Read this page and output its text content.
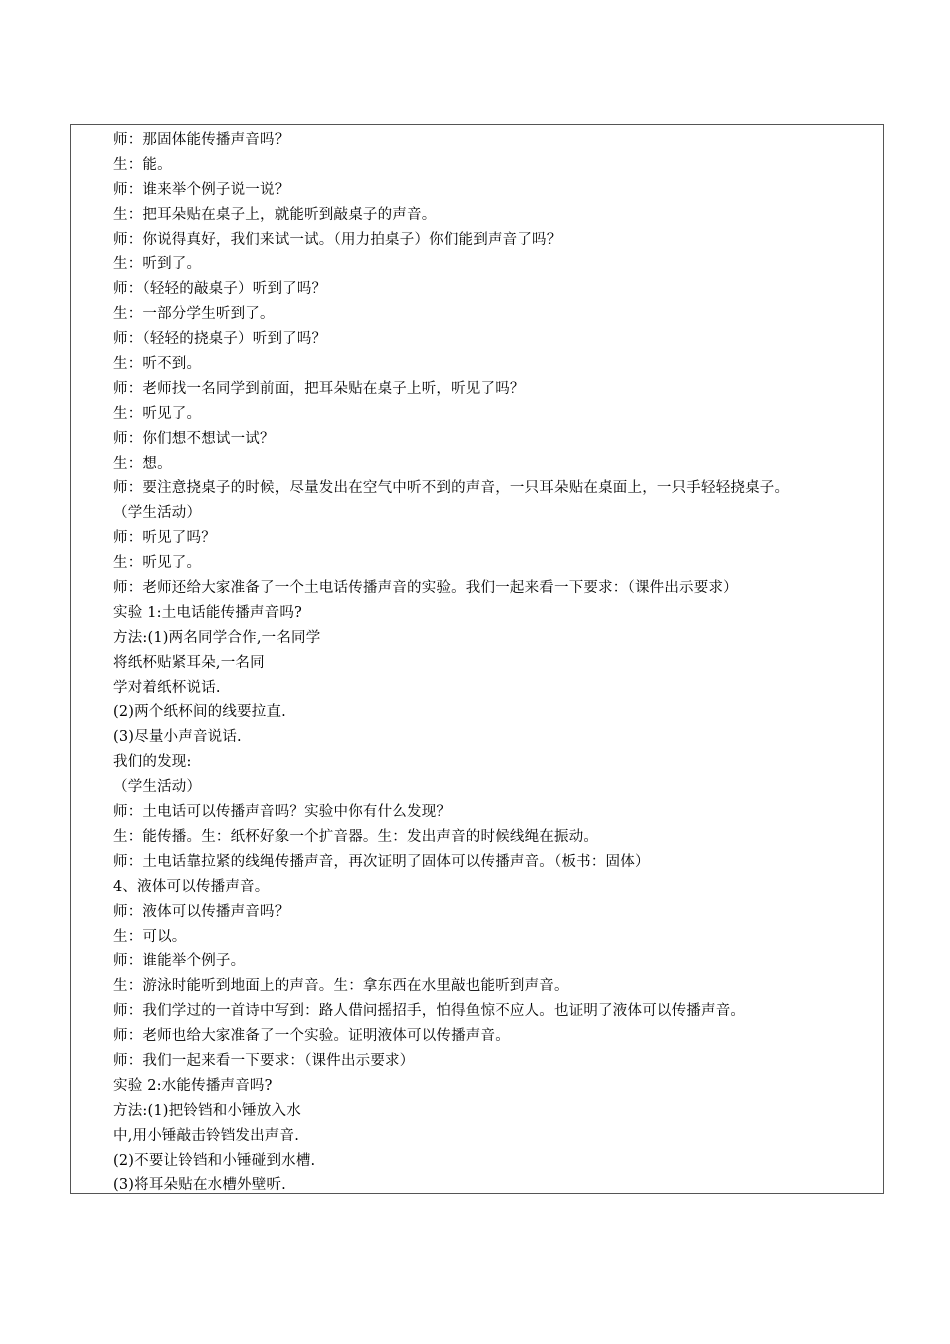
师：那固体能传播声音吗？
生：能。
师：谁来举个例子说一说？
生：把耳朵贴在桌子上，就能听到敲桌子的声音。
师：你说得真好，我们来试一试。（用力拍桌子）你们能到声音了吗？
生：听到了。
师：（轻轻的敲桌子）听到了吗？
生：一部分学生听到了。
师：（轻轻的挠桌子）听到了吗？
生：听不到。
师：老师找一名同学到前面，把耳朵贴在桌子上听，听见了吗？
生：听见了。
师：你们想不想试一试？
生：想。
师：要注意挠桌子的时候，尽量发出在空气中听不到的声音，一只耳朵贴在桌面上，一只手轻轻挠桌子。
（学生活动）
师：听见了吗？
生：听见了。
师：老师还给大家准备了一个土电话传播声音的实验。我们一起来看一下要求：（课件出示要求）
实验 1:土电话能传播声音吗?
方法:(1)两名同学合作,一名同学
将纸杯贴紧耳朵,一名同
学对着纸杯说话.
(2)两个纸杯间的线要拉直.
(3)尽量小声音说话.
我们的发现:
（学生活动）
师：土电话可以传播声音吗？实验中你有什么发现？
生：能传播。生：纸杯好象一个扩音器。生：发出声音的时候线绳在振动。
师：土电话靠拉紧的线绳传播声音，再次证明了固体可以传播声音。（板书：固体）
4、液体可以传播声音。
师：液体可以传播声音吗？
生：可以。
师：谁能举个例子。
生：游泳时能听到地面上的声音。生：拿东西在水里敲也能听到声音。
师：我们学过的一首诗中写到：路人借问摇招手，怕得鱼惊不应人。也证明了液体可以传播声音。
师：老师也给大家准备了一个实验。证明液体可以传播声音。
师：我们一起来看一下要求：（课件出示要求）
实验 2:水能传播声音吗?
方法:(1)把铃铛和小锤放入水
中,用小锤敲击铃铛发出声音.
(2)不要让铃铛和小锤碰到水槽.
(3)将耳朵贴在水槽外壁听.
